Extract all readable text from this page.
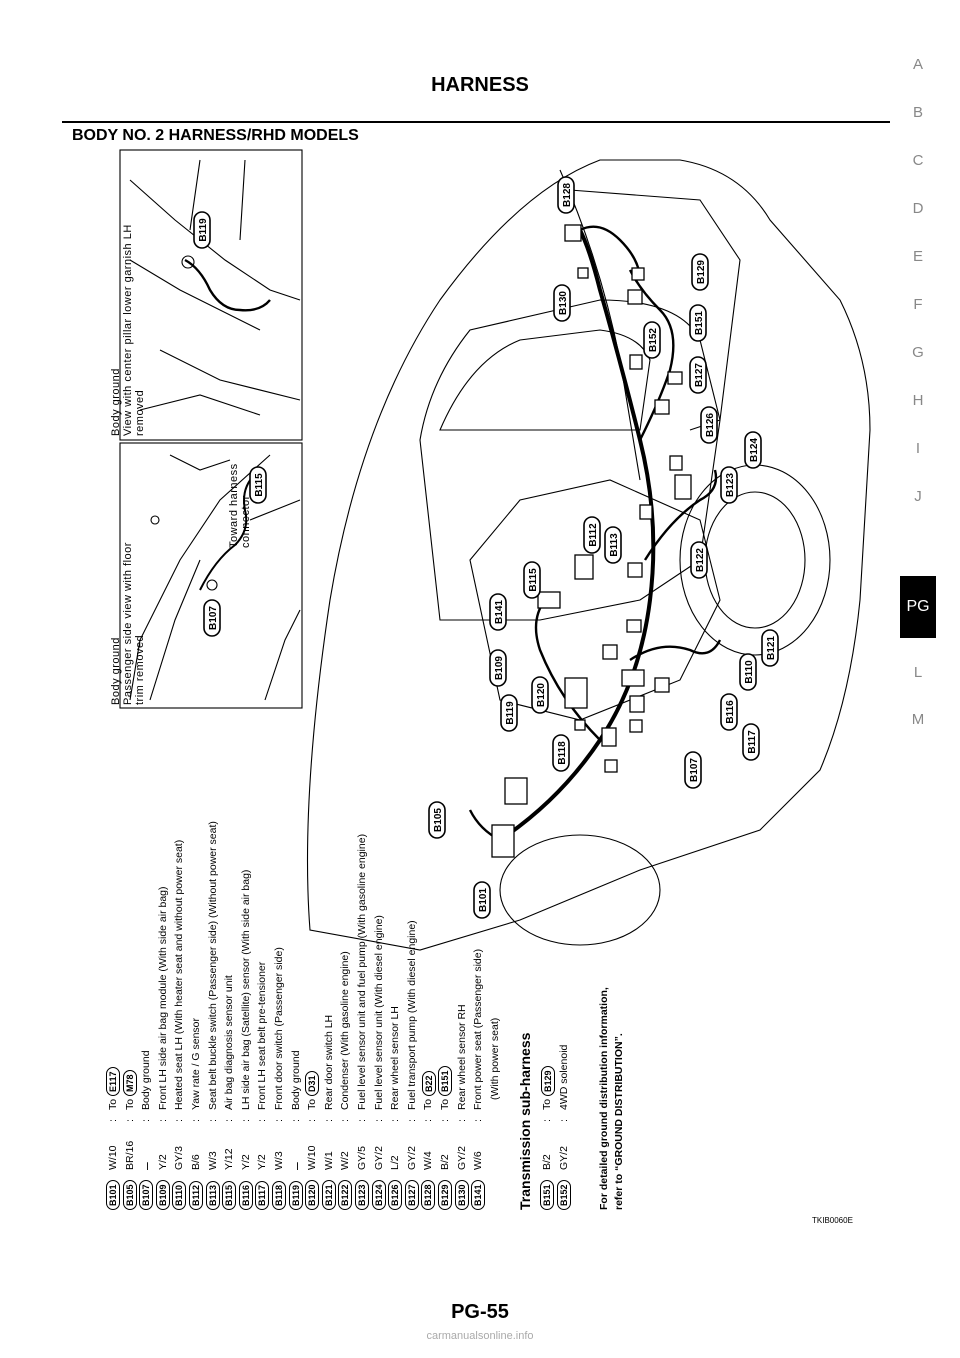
HARNESS
BODY NO. 2 HARNESS/RHD MODELS
A
B
C
D
E
F
G
H
I
J
PG
L
M
B101
B105
B107
B109	B110
B112 B113
B115
B116
B117
B118
B119
B120
B121
B122
B123
B124
B126
B127
B128
B129
B130
B141
B151
B152
B107
B115
B119
B101
W/10
:
To E117
B105
BR/16
:
To M78
B107
–
:
Body ground
B109
Y/2
:
Front LH side air bag module (With side air bag)
B110
GY/3
:
Heated seat LH (With heater seat and without power seat)
B112
B/6
:
Yaw rate / G sensor
B113
W/3
:
Seat belt buckle switch (Passenger side) (Without power seat)
B115
Y/12
:
Air bag diagnosis sensor unit
B116
Y/2
:
LH side air bag (Satellite) sensor (With side air bag)
B117
Y/2
:
Front LH seat belt pre-tensioner
B118
W/3
:
Front door switch (Passenger side)
B119
–
:
Body ground
B120
W/10
:
To D31
B121
W/1
:
Rear door switch LH
B122
W/2
:
Condenser (With gasoline engine)
B123
GY/5
:
Fuel level sensor unit and fuel pump (With gasoline engine)
B124
GY/2
:
Fuel level sensor unit (With diesel engine)
B126
L/2
:
Rear wheel sensor LH
B127
GY/2
:
Fuel transport pump (With diesel engine)
B128
W/4
:
To B22
B129
B/2
:
To B151
B130
GY/2
:
Rear wheel sensor RH
B141
W/6
:
Front power seat (Passenger side) (With power seat)
B151
B/2
:
To B129
B152
GY/2
:
4WD solenoid
Transmission sub-harness	For detailed ground distribution information, refer to “GROUND DISTRIBUTION”.
Body ground Passenger side view with floor trim removed
Toward harness connector
Body ground View with center pillar lower garnish LH removed
TKIB0060E
PG-55
carmanualsonline.info
